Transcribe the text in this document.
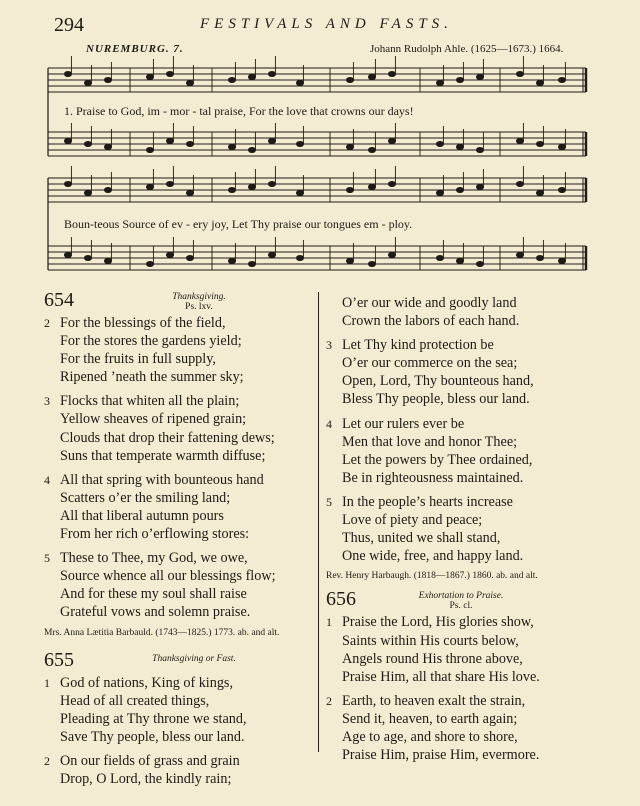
294	FESTIVALS AND FASTS.
NUREMBURG. 7.	Johann Rudolph Ahle. (1625—1673.) 1664.
1. Praise to God, im - mor - tal praise, For the love that crowns our days!
Boun-teous Source of ev - ery joy, Let Thy praise our tongues em - ploy.
654	Thanksgiving.
Ps. lxv.
2 For the blessings of the field,
For the stores the gardens yield;
For the fruits in full supply,
Ripened ’neath the summer sky;
3 Flocks that whiten all the plain;
Yellow sheaves of ripened grain;
Clouds that drop their fattening dews;
Suns that temperate warmth diffuse;
4 All that spring with bounteous hand
Scatters o’er the smiling land;
All that liberal autumn pours
From her rich o’erflowing stores:
5 These to Thee, my God, we owe,
Source whence all our blessings flow;
And for these my soul shall raise
Grateful vows and solemn praise.
Mrs. Anna Lætitia Barbauld. (1743—1825.) 1773. ab. and alt.
655	Thanksgiving or Fast.
1 God of nations, King of kings,
Head of all created things,
Pleading at Thy throne we stand,
Save Thy people, bless our land.
2 On our fields of grass and grain
Drop, O Lord, the kindly rain;
O’er our wide and goodly land
Crown the labors of each hand.
3 Let Thy kind protection be
O’er our commerce on the sea;
Open, Lord, Thy bounteous hand,
Bless Thy people, bless our land.
4 Let our rulers ever be
Men that love and honor Thee;
Let the powers by Thee ordained,
Be in righteousness maintained.
5 In the people’s hearts increase
Love of piety and peace;
Thus, united we shall stand,
One wide, free, and happy land.
Rev. Henry Harbaugh. (1818—1867.) 1860. ab. and alt.
656	Exhortation to Praise.
Ps. cl.
1 Praise the Lord, His glories show,
Saints within His courts below,
Angels round His throne above,
Praise Him, all that share His love.
2 Earth, to heaven exalt the strain,
Send it, heaven, to earth again;
Age to age, and shore to shore,
Praise Him, praise Him, evermore.
